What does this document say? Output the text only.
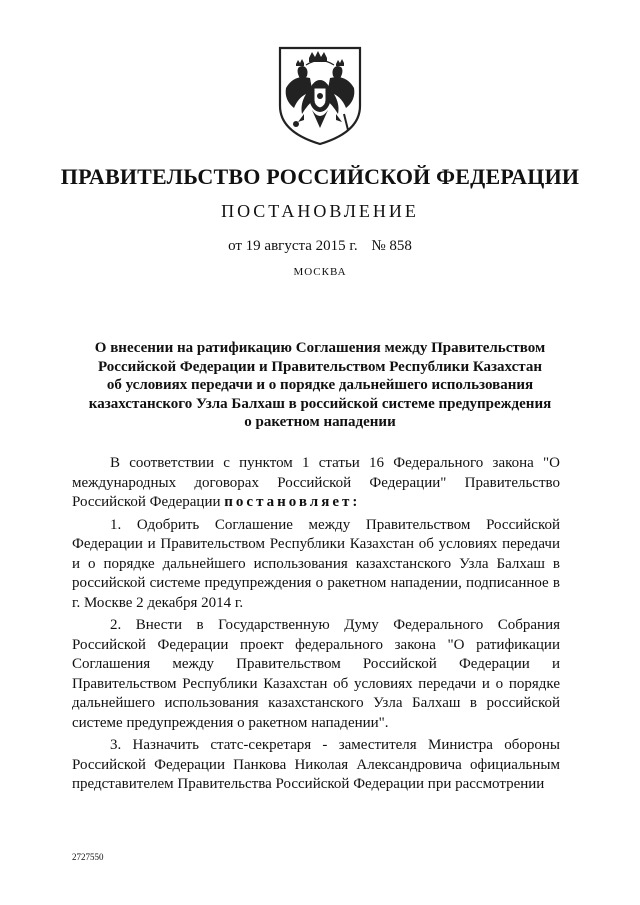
ПРАВИТЕЛЬСТВО РОССИЙСКОЙ ФЕДЕРАЦИИ
ПОСТАНОВЛЕНИЕ
от 19 августа 2015 г. № 858
МОСКВА
О внесении на ратификацию Соглашения между Правительством
Российской Федерации и Правительством Республики Казахстан
об условиях передачи и о порядке дальнейшего использования
казахстанского Узла Балхаш в российской системе предупреждения
о ракетном нападении

В соответствии с пунктом 1 статьи 16 Федерального закона "О международных договорах Российской Федерации" Правительство Российской Федерации постановляет:

1. Одобрить Соглашение между Правительством Российской Федерации и Правительством Республики Казахстан об условиях передачи и о порядке дальнейшего использования казахстанского Узла Балхаш в российской системе предупреждения о ракетном нападении, подписанное в г. Москве 2 декабря 2014 г.

2. Внести в Государственную Думу Федерального Собрания Российской Федерации проект федерального закона "О ратификации Соглашения между Правительством Российской Федерации и Правительством Республики Казахстан об условиях передачи и о порядке дальнейшего использования казахстанского Узла Балхаш в российской системе предупреждения о ракетном нападении".

3. Назначить статс-секретаря - заместителя Министра обороны Российской Федерации Панкова Николая Александровича официальным представителем Правительства Российской Федерации при рассмотрении

2727550
